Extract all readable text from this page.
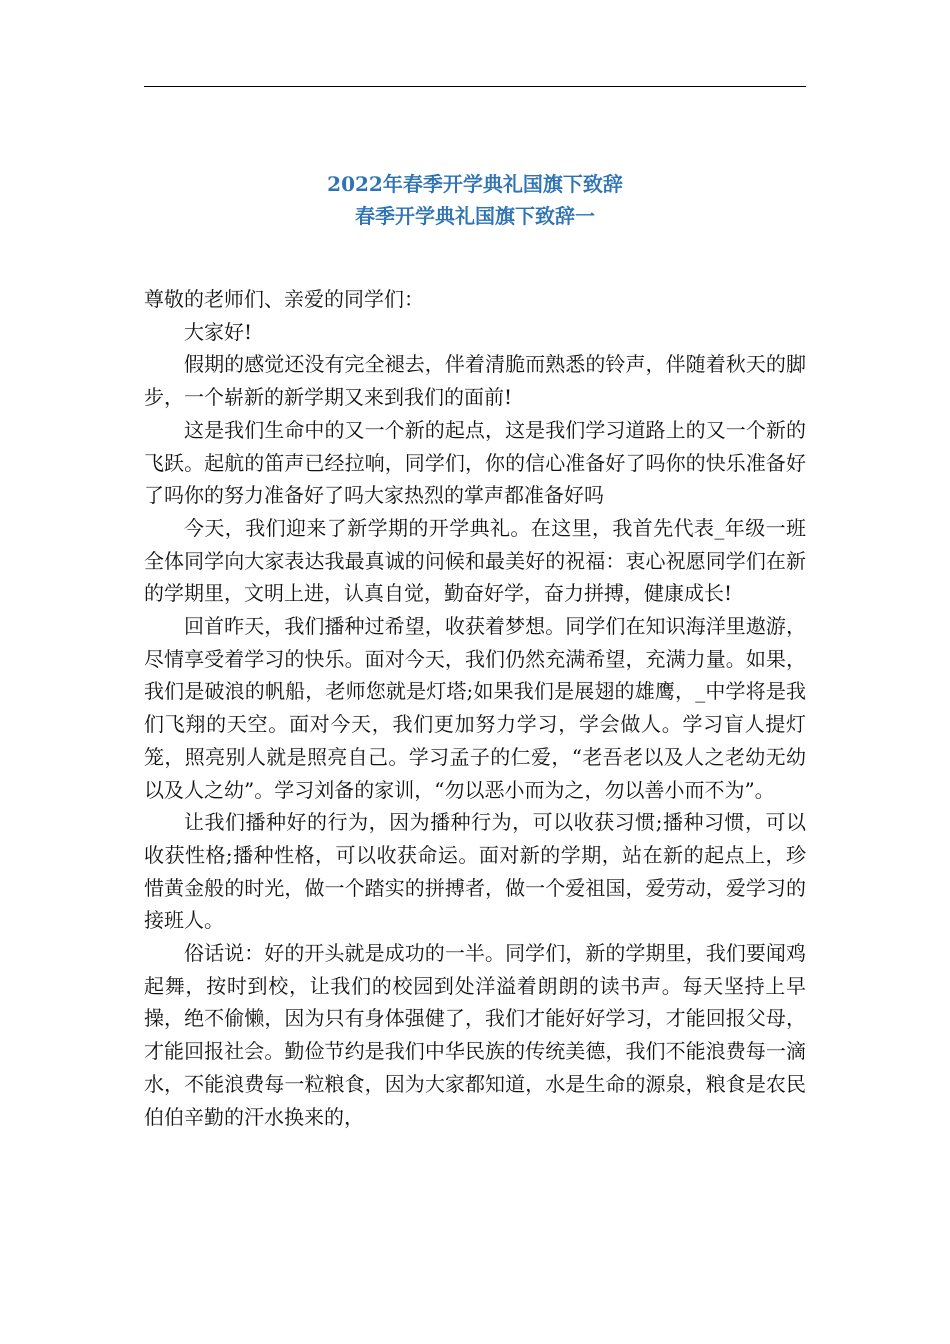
2022年春季开学典礼国旗下致辞
春季开学典礼国旗下致辞一

尊敬的老师们、亲爱的同学们：

大家好!

假期的感觉还没有完全褪去，伴着清脆而熟悉的铃声，伴随着秋天的脚步，一个崭新的新学期又来到我们的面前!

这是我们生命中的又一个新的起点，这是我们学习道路上的又一个新的飞跃。起航的笛声已经拉响，同学们，你的信心准备好了吗你的快乐准备好了吗你的努力准备好了吗大家热烈的掌声都准备好吗

今天，我们迎来了新学期的开学典礼。在这里，我首先代表_年级一班全体同学向大家表达我最真诚的问候和最美好的祝福：衷心祝愿同学们在新的学期里，文明上进，认真自觉，勤奋好学，奋力拼搏，健康成长!

回首昨天，我们播种过希望，收获着梦想。同学们在知识海洋里遨游，尽情享受着学习的快乐。面对今天，我们仍然充满希望，充满力量。如果，我们是破浪的帆船，老师您就是灯塔;如果我们是展翅的雄鹰，_中学将是我们飞翔的天空。面对今天，我们更加努力学习，学会做人。学习盲人提灯笼，照亮别人就是照亮自己。学习孟子的仁爱，“老吾老以及人之老幼无幼以及人之幼”。学习刘备的家训，“勿以恶小而为之，勿以善小而不为”。

让我们播种好的行为，因为播种行为，可以收获习惯;播种习惯，可以收获性格;播种性格，可以收获命运。面对新的学期，站在新的起点上，珍惜黄金般的时光，做一个踏实的拼搏者，做一个爱祖国，爱劳动，爱学习的接班人。

俗话说：好的开头就是成功的一半。同学们，新的学期里，我们要闻鸡起舞，按时到校，让我们的校园到处洋溢着朗朗的读书声。每天坚持上早操，绝不偷懒，因为只有身体强健了，我们才能好好学习，才能回报父母，才能回报社会。勤俭节约是我们中华民族的传统美德，我们不能浪费每一滴水，不能浪费每一粒粮食，因为大家都知道，水是生命的源泉，粮食是农民伯伯辛勤的汗水换来的，
